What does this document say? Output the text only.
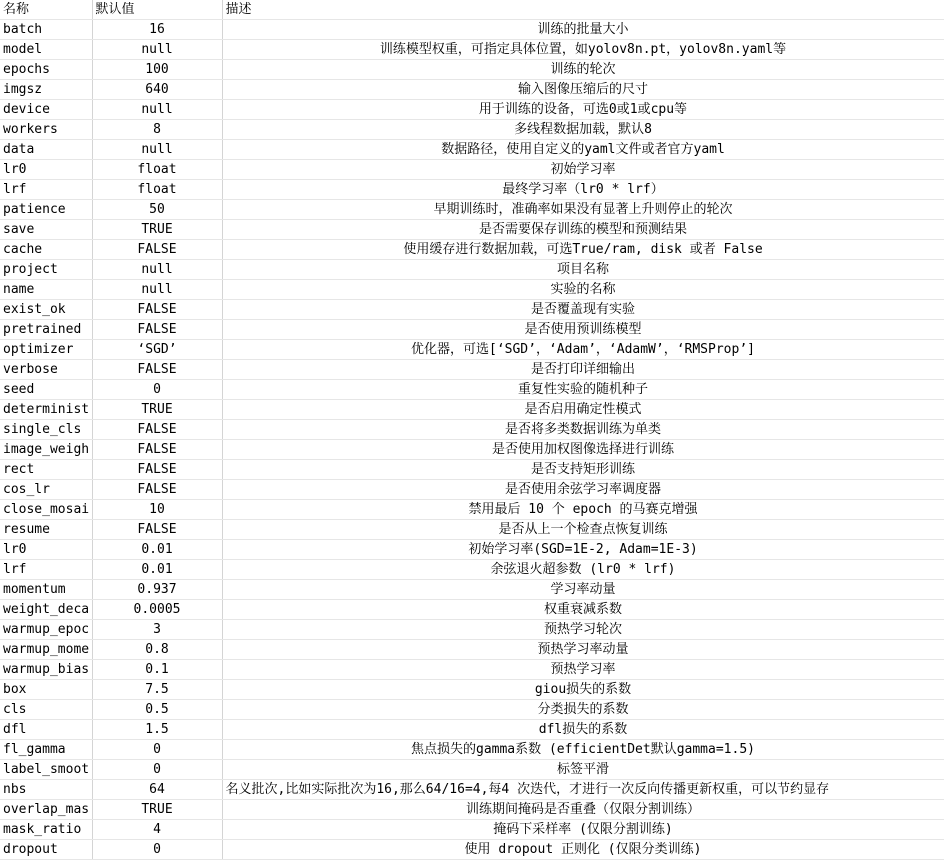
名称	默认值	描述
batch	16	训练的批量大小
model	null	训练模型权重，可指定具体位置，如yolov8n.pt，yolov8n.yaml等
epochs	100	训练的轮次
imgsz	640	输入图像压缩后的尺寸
device	null	用于训练的设备，可选0或1或cpu等
workers	8	多线程数据加载，默认8
data	null	数据路径，使用自定义的yaml文件或者官方yaml
lr0	float	初始学习率
lrf	float	最终学习率（lr0 * lrf）
patience	50	早期训练时，准确率如果没有显著上升则停止的轮次
save	TRUE	是否需要保存训练的模型和预测结果
cache	FALSE	使用缓存进行数据加载，可选True/ram, disk 或者 False
project	null	项目名称
name	null	实验的名称
exist_ok	FALSE	是否覆盖现有实验
pretrained	FALSE	是否使用预训练模型
optimizer	‘SGD’	优化器，可选[‘SGD’，‘Adam’，‘AdamW’，‘RMSProp’]
verbose	FALSE	是否打印详细输出
seed	0	重复性实验的随机种子
determinist	TRUE	是否启用确定性模式
single_cls	FALSE	是否将多类数据训练为单类
image_weigh	FALSE	是否使用加权图像选择进行训练
rect	FALSE	是否支持矩形训练
cos_lr	FALSE	是否使用余弦学习率调度器
close_mosai	10	禁用最后 10 个 epoch 的马赛克增强
resume	FALSE	是否从上一个检查点恢复训练
lr0	0.01	初始学习率(SGD=1E-2, Adam=1E-3)
lrf	0.01	余弦退火超参数 (lr0 * lrf)
momentum	0.937	学习率动量
weight_deca	0.0005	权重衰减系数
warmup_epoc	3	预热学习轮次
warmup_mome	0.8	预热学习率动量
warmup_bias	0.1	预热学习率
box	7.5	giou损失的系数
cls	0.5	分类损失的系数
dfl	1.5	dfl损失的系数
fl_gamma	0	焦点损失的gamma系数 (efficientDet默认gamma=1.5)
label_smoot	0	标签平滑
nbs	64	名义批次,比如实际批次为16,那么64/16=4,每4 次迭代，才进行一次反向传播更新权重，可以节约显存
overlap_mas	TRUE	训练期间掩码是否重叠（仅限分割训练）
mask_ratio	4	掩码下采样率 (仅限分割训练)
dropout	0	使用 dropout 正则化 (仅限分类训练)
